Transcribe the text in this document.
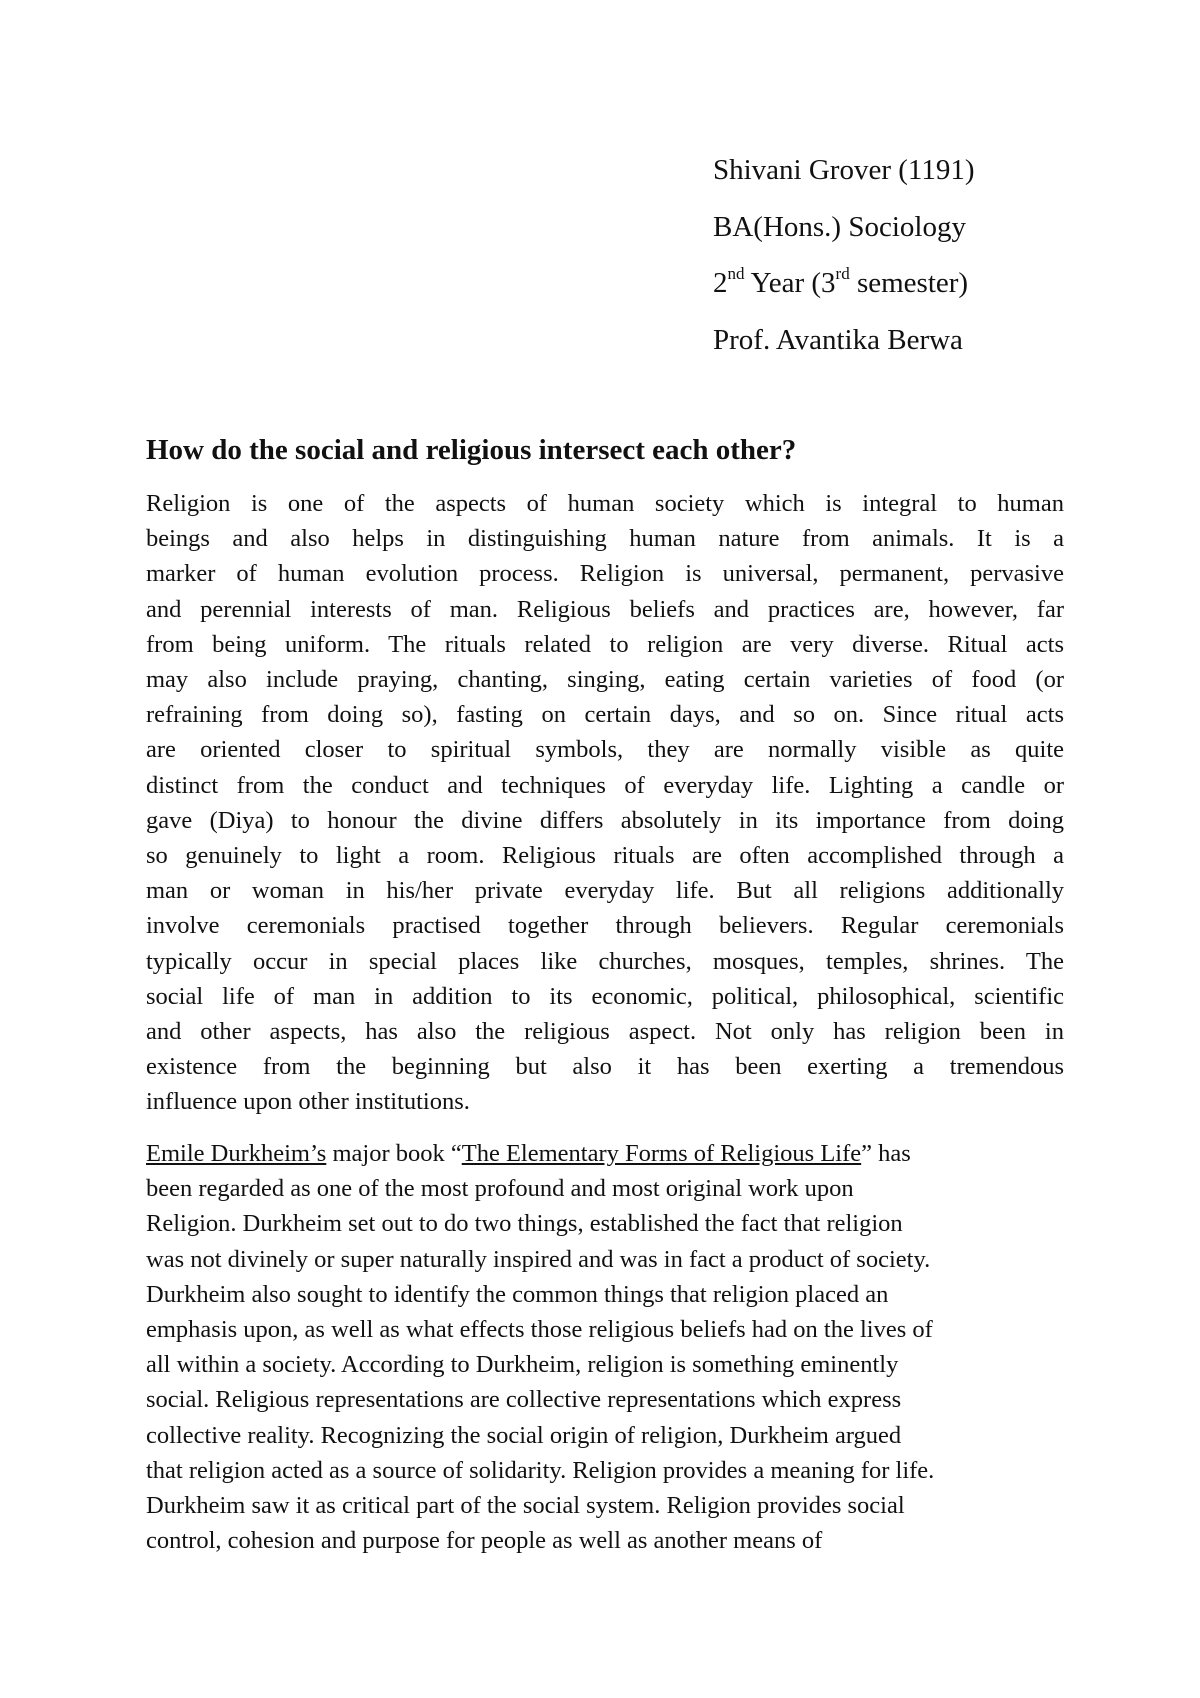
Shivani Grover (1191)
BA(Hons.) Sociology
2nd Year (3rd semester)
Prof. Avantika Berwa
How do the social and religious intersect each other?
Religion is one of the aspects of human society which is integral to human
beings and also helps in distinguishing human nature from animals. It is a
marker of human evolution process. Religion is universal, permanent, pervasive
and perennial interests of man. Religious beliefs and practices are, however, far
from being uniform. The rituals related to religion are very diverse. Ritual acts
may also include praying, chanting, singing, eating certain varieties of food (or
refraining from doing so), fasting on certain days, and so on. Since ritual acts
are oriented closer to spiritual symbols, they are normally visible as quite
distinct from the conduct and techniques of everyday life. Lighting a candle or
gave (Diya) to honour the divine differs absolutely in its importance from doing
so genuinely to light a room. Religious rituals are often accomplished through a
man or woman in his/her private everyday life. But all religions additionally
involve ceremonials practised together through believers. Regular ceremonials
typically occur in special places like churches, mosques, temples, shrines. The
social life of man in addition to its economic, political, philosophical, scientific
and other aspects, has also the religious aspect. Not only has religion been in
existence from the beginning but also it has been exerting a tremendous
influence upon other institutions.
Emile Durkheim’s major book “The Elementary Forms of Religious Life” has
been regarded as one of the most profound and most original work upon
Religion. Durkheim set out to do two things, established the fact that religion
was not divinely or super naturally inspired and was in fact a product of society.
Durkheim also sought to identify the common things that religion placed an
emphasis upon, as well as what effects those religious beliefs had on the lives of
all within a society. According to Durkheim, religion is something eminently
social. Religious representations are collective representations which express
collective reality. Recognizing the social origin of religion, Durkheim argued
that religion acted as a source of solidarity. Religion provides a meaning for life.
Durkheim saw it as critical part of the social system. Religion provides social
control, cohesion and purpose for people as well as another means of
